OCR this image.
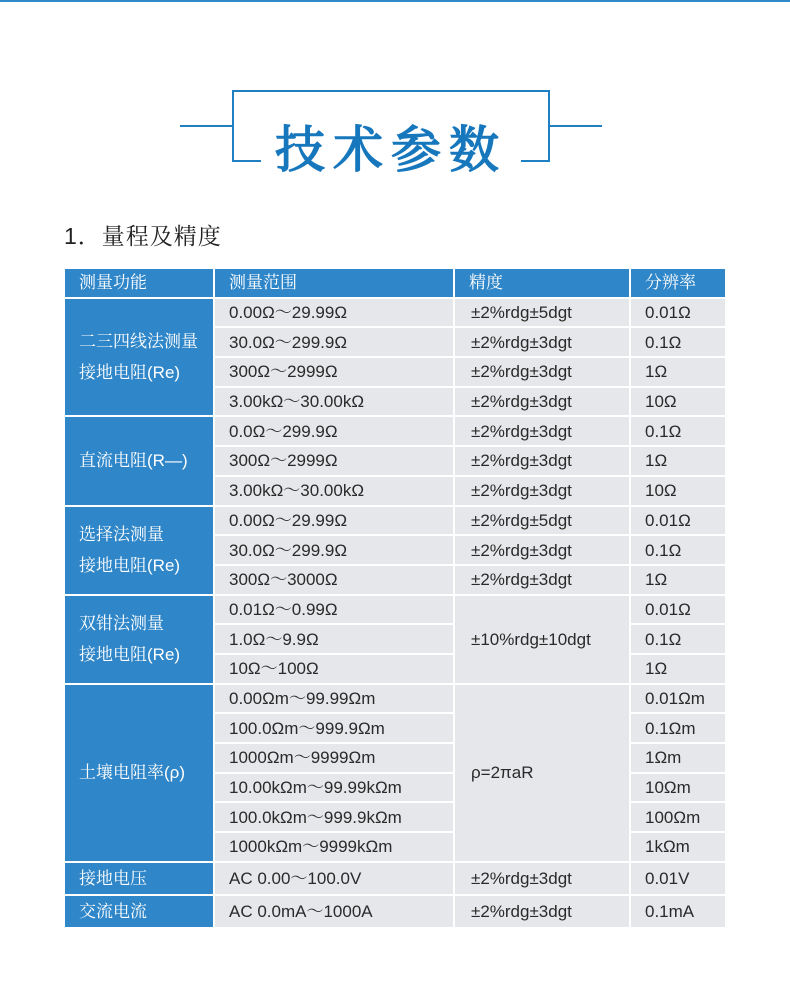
技术参数
1．量程及精度
测量功能	测量范围	精度	分辨率

二三四线法测量
接地电阻(Re)	0.00Ω～29.99Ω	±2%rdg±5dgt	0.01Ω
	30.0Ω～299.9Ω	±2%rdg±3dgt	0.1Ω
	300Ω～2999Ω	±2%rdg±3dgt	1Ω
	3.00kΩ～30.00kΩ	±2%rdg±3dgt	10Ω

直流电阻(R—)	0.0Ω～299.9Ω	±2%rdg±3dgt	0.1Ω
	300Ω～2999Ω	±2%rdg±3dgt	1Ω
	3.00kΩ～30.00kΩ	±2%rdg±3dgt	10Ω

选择法测量
接地电阻(Re)	0.00Ω～29.99Ω	±2%rdg±5dgt	0.01Ω
	30.0Ω～299.9Ω	±2%rdg±3dgt	0.1Ω
	300Ω～3000Ω	±2%rdg±3dgt	1Ω

双钳法测量
接地电阻(Re)	0.01Ω～0.99Ω	±10%rdg±10dgt	0.01Ω
	1.0Ω～9.9Ω		0.1Ω
	10Ω～100Ω		1Ω

土壤电阻率(ρ)	0.00Ωm～99.99Ωm	ρ=2πaR	0.01Ωm
	100.0Ωm～999.9Ωm		0.1Ωm
	1000Ωm～9999Ωm		1Ωm
	10.00kΩm～99.99kΩm		10Ωm
	100.0kΩm～999.9kΩm		100Ωm
	1000kΩm～9999kΩm		1kΩm

接地电压	AC 0.00～100.0V	±2%rdg±3dgt	0.01V

交流电流	AC 0.0mA～1000A	±2%rdg±3dgt	0.1mA
